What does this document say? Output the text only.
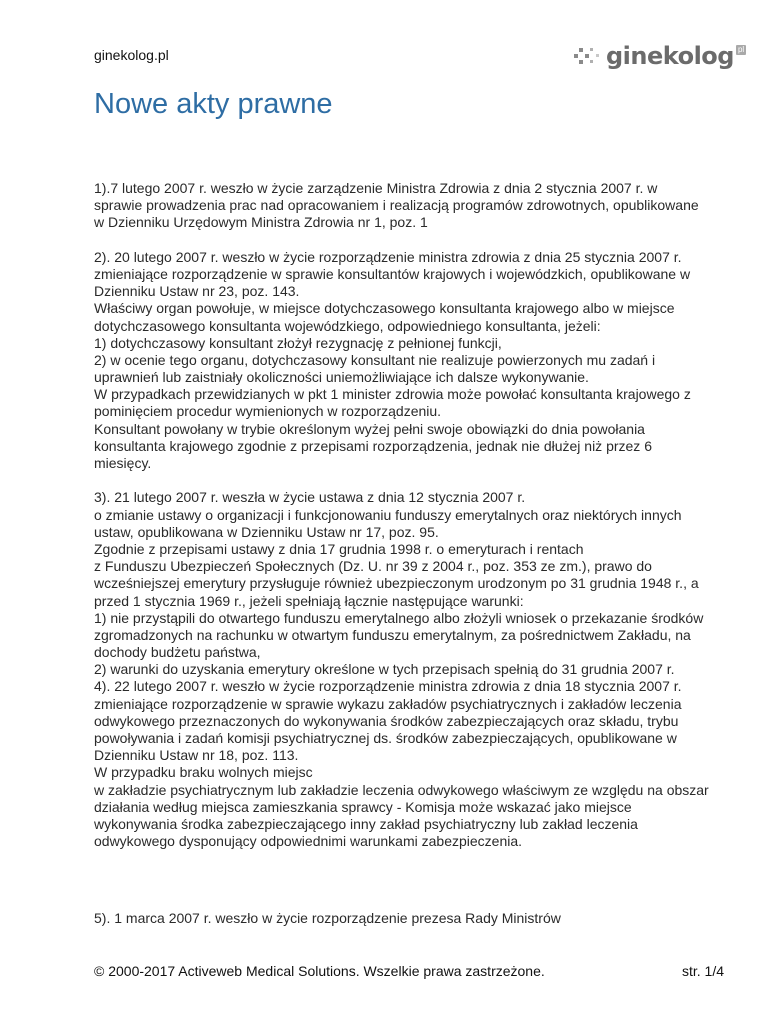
ginekolog.pl	ginekolog pl
Nowe akty prawne
1).7 lutego 2007 r. weszło w życie zarządzenie Ministra Zdrowia z dnia 2 stycznia 2007 r. w
sprawie prowadzenia prac nad opracowaniem i realizacją programów zdrowotnych, opublikowane
w Dzienniku Urzędowym Ministra Zdrowia nr 1, poz. 1
2). 20 lutego 2007 r. weszło w życie rozporządzenie ministra zdrowia z dnia 25 stycznia 2007 r.
zmieniające rozporządzenie w sprawie konsultantów krajowych i wojewódzkich, opublikowane w
Dzienniku Ustaw nr 23, poz. 143.
Właściwy organ powołuje, w miejsce dotychczasowego konsultanta krajowego albo w miejsce
dotychczasowego konsultanta wojewódzkiego, odpowiedniego konsultanta, jeżeli:
1) dotychczasowy konsultant złożył rezygnację z pełnionej funkcji,
2) w ocenie tego organu, dotychczasowy konsultant nie realizuje powierzonych mu zadań i
uprawnień lub zaistniały okoliczności uniemożliwiające ich dalsze wykonywanie.
W przypadkach przewidzianych w pkt 1 minister zdrowia może powołać konsultanta krajowego z
pominięciem procedur wymienionych w rozporządzeniu.
Konsultant powołany w trybie określonym wyżej pełni swoje obowiązki do dnia powołania
konsultanta krajowego zgodnie z przepisami rozporządzenia, jednak nie dłużej niż przez 6
miesięcy.
3). 21 lutego 2007 r. weszła w życie ustawa z dnia 12 stycznia 2007 r.
o zmianie ustawy o organizacji i funkcjonowaniu funduszy emerytalnych oraz niektórych innych
ustaw, opublikowana w Dzienniku Ustaw nr 17, poz. 95.
Zgodnie z przepisami ustawy z dnia 17 grudnia 1998 r. o emeryturach i rentach
z Funduszu Ubezpieczeń Społecznych (Dz. U. nr 39 z 2004 r., poz. 353 ze zm.), prawo do
wcześniejszej emerytury przysługuje również ubezpieczonym urodzonym po 31 grudnia 1948 r., a
przed 1 stycznia 1969 r., jeżeli spełniają łącznie następujące warunki:
1) nie przystąpili do otwartego funduszu emerytalnego albo złożyli wniosek o przekazanie środków
zgromadzonych na rachunku w otwartym funduszu emerytalnym, za pośrednictwem Zakładu, na
dochody budżetu państwa,
2) warunki do uzyskania emerytury określone w tych przepisach spełnią do 31 grudnia 2007 r.
4). 22 lutego 2007 r. weszło w życie rozporządzenie ministra zdrowia z dnia 18 stycznia 2007 r.
zmieniające rozporządzenie w sprawie wykazu zakładów psychiatrycznych i zakładów leczenia
odwykowego przeznaczonych do wykonywania środków zabezpieczających oraz składu, trybu
powoływania i zadań komisji psychiatrycznej ds. środków zabezpieczających, opublikowane w
Dzienniku Ustaw nr 18, poz. 113.
W przypadku braku wolnych miejsc
w zakładzie psychiatrycznym lub zakładzie leczenia odwykowego właściwym ze względu na obszar
działania według miejsca zamieszkania sprawcy - Komisja może wskazać jako miejsce
wykonywania środka zabezpieczającego inny zakład psychiatryczny lub zakład leczenia
odwykowego dysponujący odpowiednimi warunkami zabezpieczenia.
5). 1 marca 2007 r. weszło w życie rozporządzenie prezesa Rady Ministrów
© 2000-2017 Activeweb Medical Solutions. Wszelkie prawa zastrzeżone.	str. 1/4
